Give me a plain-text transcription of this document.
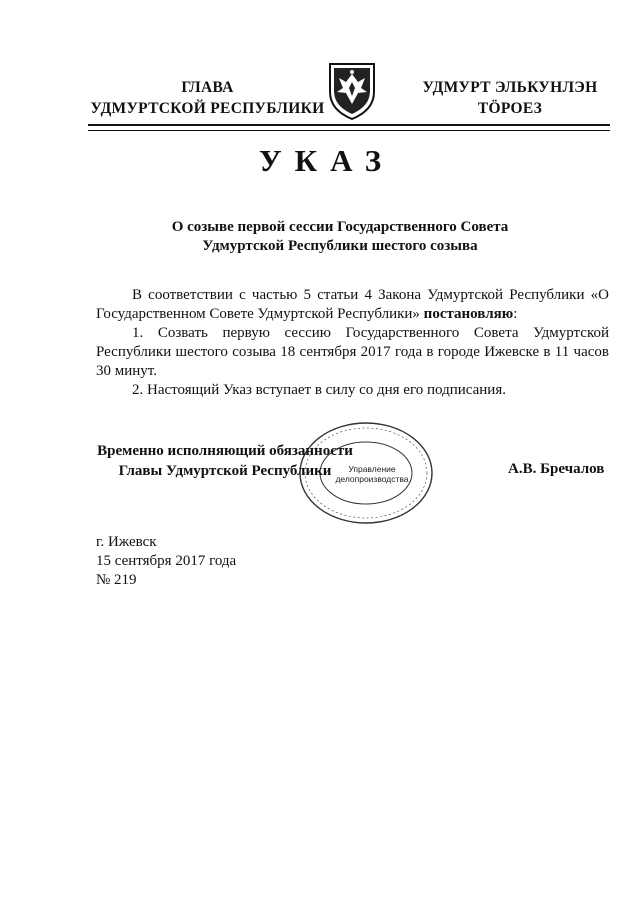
ГЛАВА
УДМУРТСКОЙ РЕСПУБЛИКИ
УДМУРТ ЭЛЬКУНЛЭН
ТӦРОЕЗ
УКАЗ
О созыве первой сессии Государственного Совета
Удмуртской Республики шестого созыва

В соответствии с частью 5 статьи 4 Закона Удмуртской Республики «О Государственном Совете Удмуртской Республики» постановляю:

1. Созвать первую сессию Государственного Совета Удмуртской Республики шестого созыва 18 сентября 2017 года в городе Ижевске в 11 часов 30 минут.

2. Настоящий Указ вступает в силу со дня его подписания.

Управление
делопроизводства
Временно исполняющий обязанности
Главы Удмуртской Республики	А.В. Бречалов
г. Ижевск
15 сентября 2017 года
№ 219
